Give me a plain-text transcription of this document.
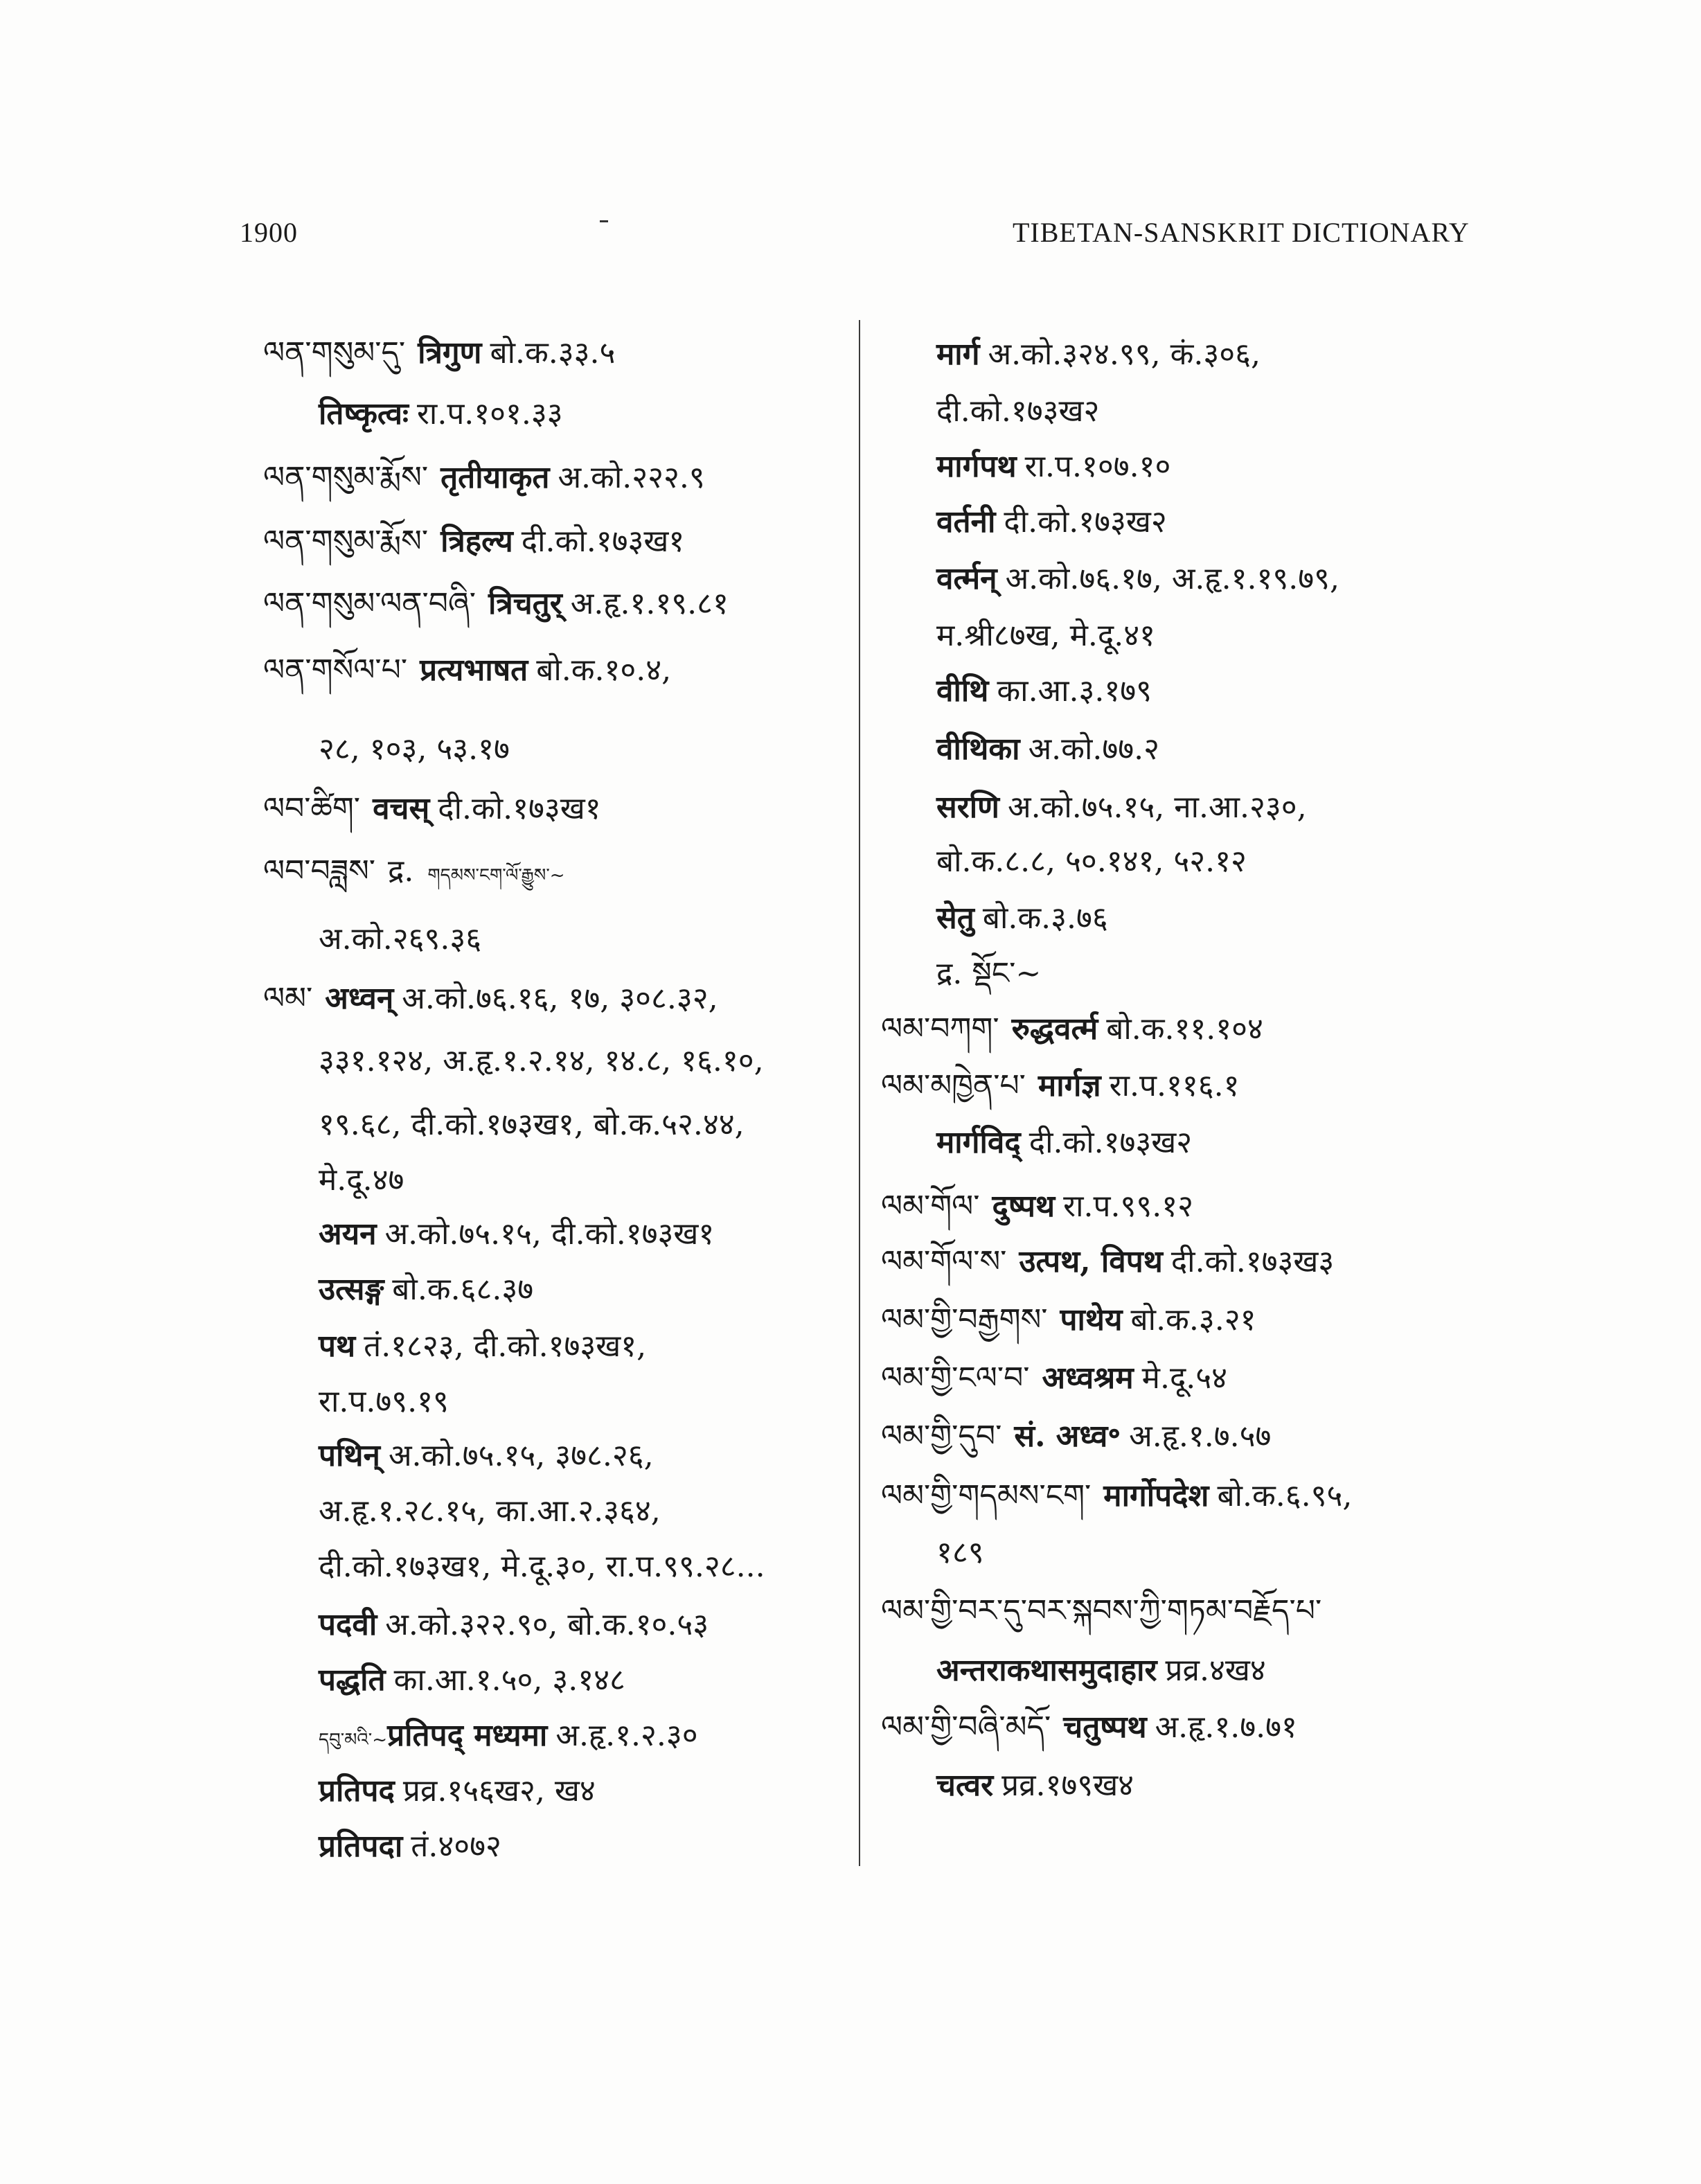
1900	TIBETAN-SANSKRIT DICTIONARY
ལན་གསུམ་དུ་ त्रिगुण बो.क.३३.५
तिष्कृत्वः रा.प.१०१.३३
ལན་གསུམ་རྨོས་ तृतीयाकृत अ.को.२२२.९
ལན་གསུམ་རྨོས་ त्रिहल्य दी.को.१७३ख१
ལན་གསུམ་ལན་བཞི་ त्रिचतुर् अ.हृ.१.१९.८१
ལན་གསོལ་པ་ प्रत्यभाषत बो.क.१०.४,
२८, १०३, ५३.१७
ལབ་ཚིག་ वचस् दी.को.१७३ख१
ལབ་བཟླས་ द्र. གདམས་ངག་ལོ་རྒྱུས་~
अ.को.२६९.३६
ལམ་ अध्वन् अ.को.७६.१६, १७, ३०८.३२,
३३१.१२४, अ.हृ.१.२.१४, १४.८, १६.१०,
१९.६८, दी.को.१७३ख१, बो.क.५२.४४,
मे.दू.४७
अयन अ.को.७५.१५, दी.को.१७३ख१
उत्सङ्ग बो.क.६८.३७
पथ तं.१८२३, दी.को.१७३ख१,
रा.प.७९.१९
पथिन् अ.को.७५.१५, ३७८.२६,
अ.हृ.१.२८.१५, का.आ.२.३६४,
दी.को.१७३ख१, मे.दू.३०, रा.प.९९.२८...
पदवी अ.को.३२२.९०, बो.क.१०.५३
पद्धति का.आ.१.५०, ३.१४८
དབུ་མའི་~प्रतिपद् मध्यमा अ.हृ.१.२.३०
प्रतिपद प्रव्र.१५६ख२, ख४
प्रतिपदा तं.४०७२
मार्ग अ.को.३२४.९९, कं.३०६,
दी.को.१७३ख२
मार्गपथ रा.प.१०७.१०
वर्तनी दी.को.१७३ख२
वर्त्मन् अ.को.७६.१७, अ.हृ.१.१९.७९,
म.श्री८७ख, मे.दू.४१
वीथि का.आ.३.१७९
वीथिका अ.को.७७.२
सरणि अ.को.७५.१५, ना.आ.२३०,
बो.क.८.८, ५०.१४१, ५२.१२
सेतु बो.क.३.७६
द्र. སྡོང་~
ལམ་བཀག་ रुद्धवर्त्म बो.क.११.१०४
ལམ་མཁྱེན་པ་ मार्गज्ञ रा.प.११६.१
मार्गविद् दी.को.१७३ख२
ལམ་གོལ་ दुष्पथ रा.प.९९.१२
ལམ་གོལ་ས་ उत्पथ, विपथ दी.को.१७३ख३
ལམ་གྱི་བརྒྱགས་ पाथेय बो.क.३.२१
ལམ་གྱི་ངལ་བ་ अध्वश्रम मे.दू.५४
ལམ་གྱི་དུབ་ सं. अध्व॰ अ.हृ.१.७.५७
ལམ་གྱི་གདམས་ངག་ मार्गोपदेश बो.क.६.९५,
१८९
ལམ་གྱི་བར་དུ་བར་སྐབས་ཀྱི་གཏམ་བརྗོད་པ་
अन्तराकथासमुदाहार प्रव्र.४ख४
ལམ་གྱི་བཞི་མདོ་ चतुष्पथ अ.हृ.१.७.७१
चत्वर प्रव्र.१७९ख४
